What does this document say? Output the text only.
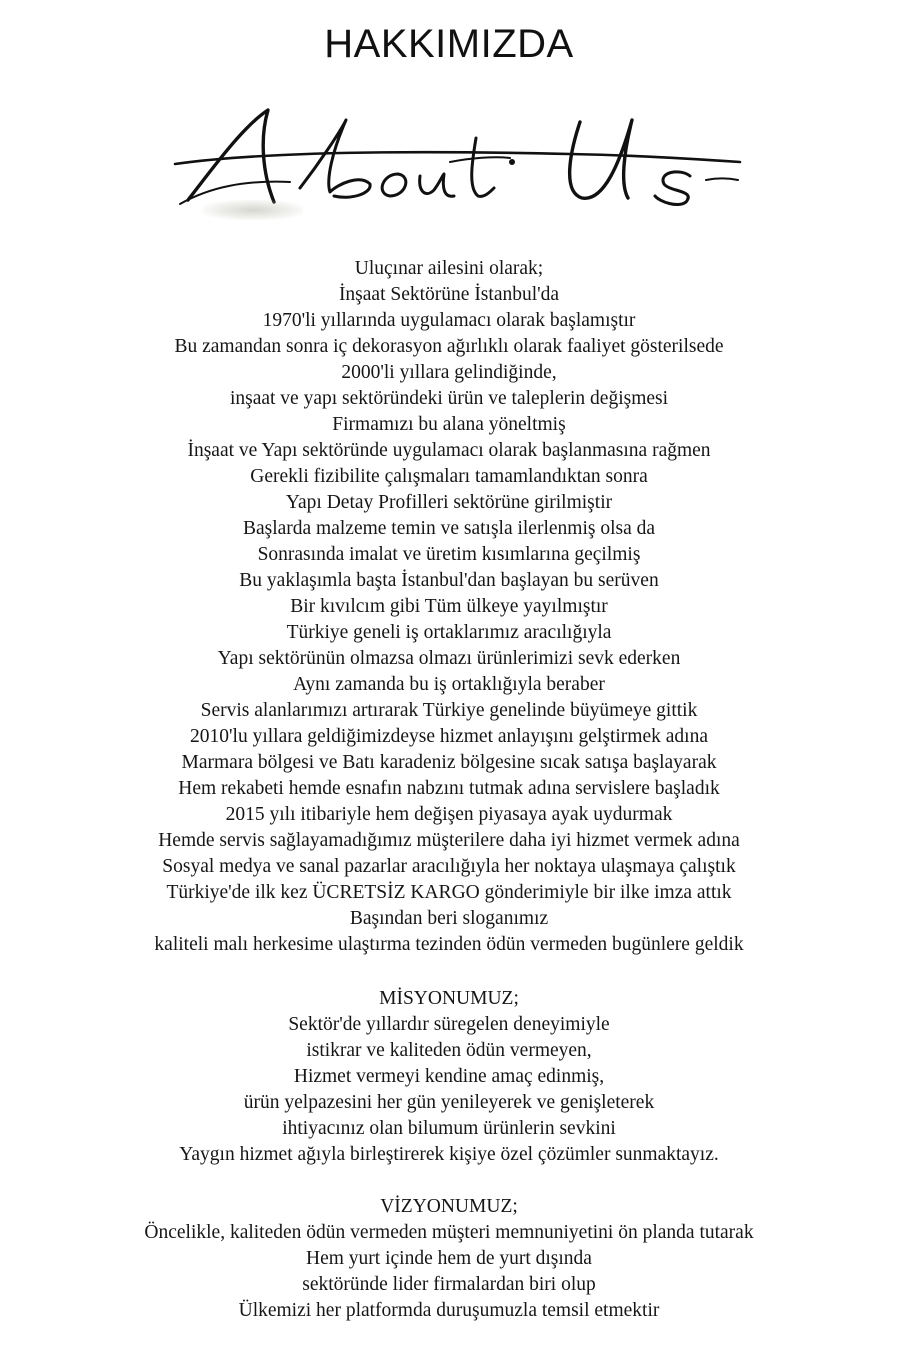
HAKKIMIZDA
Uluçınar ailesini olarak;
İnşaat Sektörüne İstanbul'da
1970'li yıllarında uygulamacı olarak başlamıştır
Bu zamandan sonra iç dekorasyon ağırlıklı olarak faaliyet gösterilsede
2000'li yıllara gelindiğinde,
inşaat ve yapı sektöründeki ürün ve taleplerin değişmesi
Firmamızı bu alana yöneltmiş
İnşaat ve Yapı sektöründe uygulamacı olarak başlanmasına rağmen
Gerekli fizibilite çalışmaları tamamlandıktan sonra
Yapı Detay Profilleri sektörüne girilmiştir
Başlarda malzeme temin ve satışla ilerlenmiş olsa da
Sonrasında imalat ve üretim kısımlarına geçilmiş
Bu yaklaşımla başta İstanbul'dan başlayan bu serüven
Bir kıvılcım gibi Tüm ülkeye yayılmıştır
Türkiye geneli iş ortaklarımız aracılığıyla
Yapı sektörünün olmazsa olmazı ürünlerimizi sevk ederken
Aynı zamanda bu iş ortaklığıyla beraber
Servis alanlarımızı artırarak Türkiye genelinde büyümeye gittik
2010'lu yıllara geldiğimizdeyse hizmet anlayışını gelştirmek adına
Marmara bölgesi ve Batı karadeniz bölgesine sıcak satışa başlayarak
Hem rekabeti hemde esnafın nabzını tutmak adına servislere başladık
2015 yılı itibariyle hem değişen piyasaya ayak uydurmak
Hemde servis sağlayamadığımız müşterilere daha iyi hizmet vermek adına
Sosyal medya ve sanal pazarlar aracılığıyla her noktaya ulaşmaya çalıştık
Türkiye'de ilk kez ÜCRETSİZ KARGO gönderimiyle bir ilke imza attık
Başından beri sloganımız
kaliteli malı herkesime ulaştırma tezinden ödün vermeden bugünlere geldik
MİSYONUMUZ;
Sektör'de yıllardır süregelen deneyimiyle
istikrar ve kaliteden ödün vermeyen,
Hizmet vermeyi kendine amaç edinmiş,
ürün yelpazesini her gün yenileyerek ve genişleterek
ihtiyacınız olan bilumum ürünlerin sevkini
Yaygın hizmet ağıyla birleştirerek kişiye özel çözümler sunmaktayız.
VİZYONUMUZ;
Öncelikle, kaliteden ödün vermeden müşteri memnuniyetini ön planda tutarak
Hem yurt içinde hem de yurt dışında
sektöründe lider firmalardan biri olup
Ülkemizi her platformda duruşumuzla temsil etmektir
